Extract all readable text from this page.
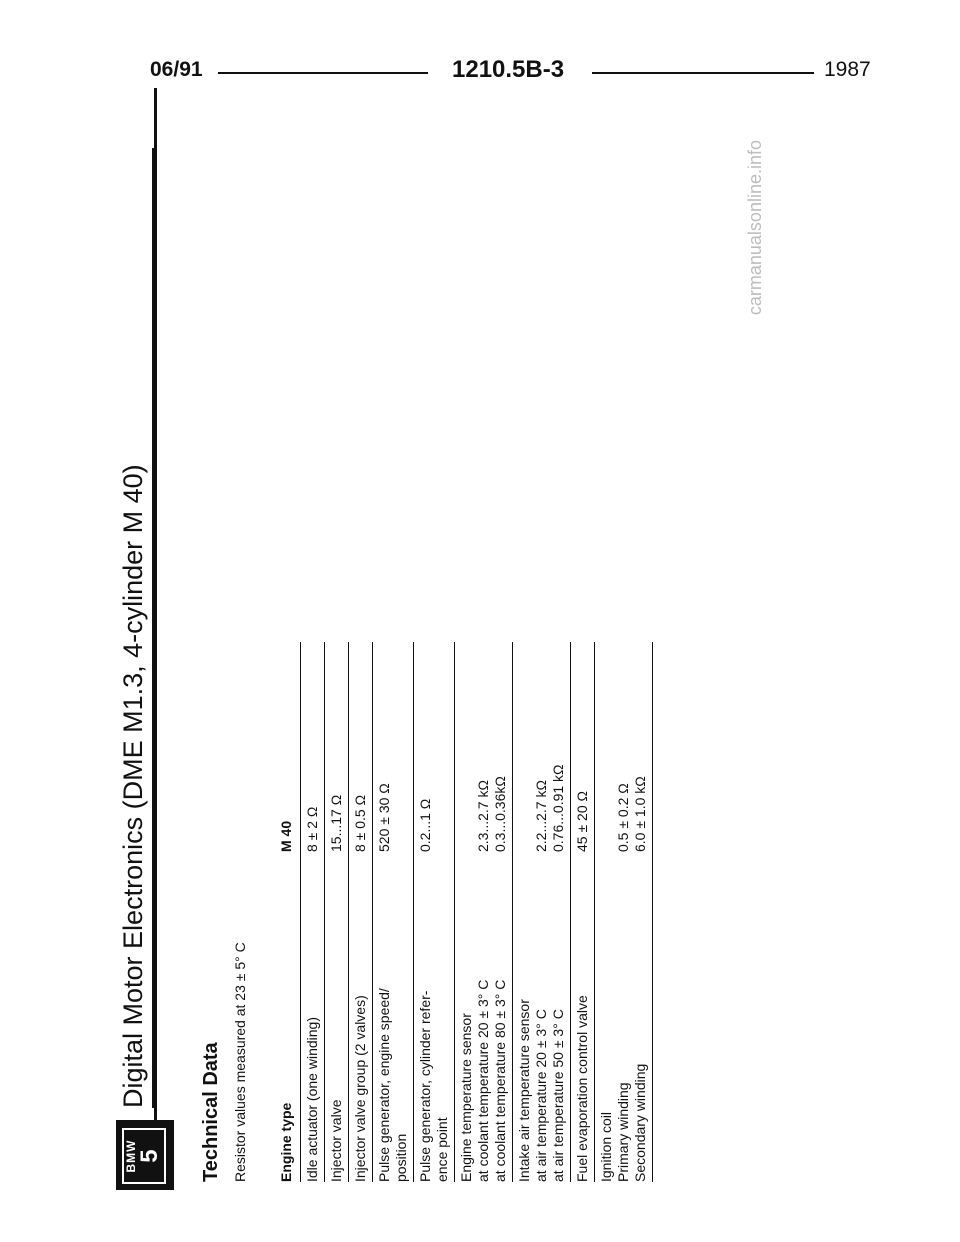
06/91	1210.5B-3	1987
BMW
5
Digital Motor Electronics (DME M1.3, 4-cylinder M 40)
Technical Data Resistor values measured at 23 ± 5° C Engine type	M 40

Idle actuator (one winding)	8 ± 2 Ω

Injector valve	15...17 Ω

Injector valve group (2 valves)	8 ± 0.5 Ω

Pulse generator, engine speed/ position	520 ± 30 Ω

Pulse generator, cylinder refer- ence point	0.2...1 Ω

Engine temperature sensor at coolant temperature 20 ± 3° C at coolant temperature 80 ± 3° C	2.3...2.7 kΩ 0.3...0.36kΩ

Intake air temperature sensor at air temperature 20 ± 3° C at air temperature 50 ± 3° C	2.2...2.7 kΩ 0.76...0.91 kΩ

Fuel evaporation control valve	45 ± 20 Ω

Ignition coil Primary winding Secondary winding	0.5 ± 0.2 Ω 6.0 ± 1.0 kΩ
carmanualsonline.info
